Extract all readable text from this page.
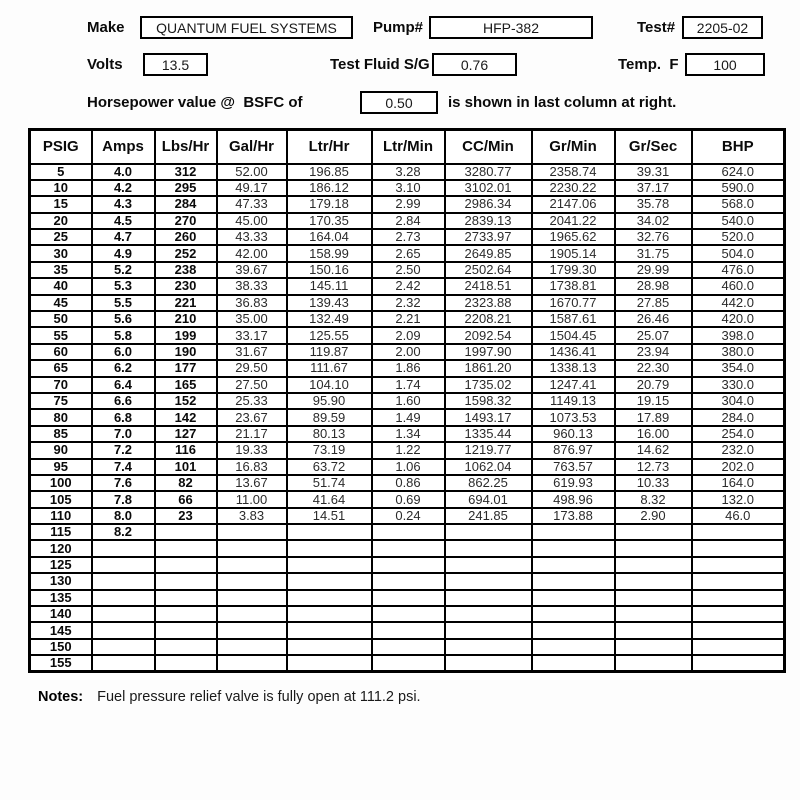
Make	QUANTUM FUEL SYSTEMS	Pump#	HFP-382	Test#	2205-02
Volts	13.5	Test Fluid S/G	0.76	Temp.  F	100
Horsepower value @  BSFC of	0.50	is shown in last column at right.
PSIG	Amps	Lbs/Hr	Gal/Hr	Ltr/Hr	Ltr/Min	CC/Min	Gr/Min	Gr/Sec	BHP
5	4.0	312	52.00	196.85	3.28	3280.77	2358.74	39.31	624.0
10	4.2	295	49.17	186.12	3.10	3102.01	2230.22	37.17	590.0
15	4.3	284	47.33	179.18	2.99	2986.34	2147.06	35.78	568.0
20	4.5	270	45.00	170.35	2.84	2839.13	2041.22	34.02	540.0
25	4.7	260	43.33	164.04	2.73	2733.97	1965.62	32.76	520.0
30	4.9	252	42.00	158.99	2.65	2649.85	1905.14	31.75	504.0
35	5.2	238	39.67	150.16	2.50	2502.64	1799.30	29.99	476.0
40	5.3	230	38.33	145.11	2.42	2418.51	1738.81	28.98	460.0
45	5.5	221	36.83	139.43	2.32	2323.88	1670.77	27.85	442.0
50	5.6	210	35.00	132.49	2.21	2208.21	1587.61	26.46	420.0
55	5.8	199	33.17	125.55	2.09	2092.54	1504.45	25.07	398.0
60	6.0	190	31.67	119.87	2.00	1997.90	1436.41	23.94	380.0
65	6.2	177	29.50	111.67	1.86	1861.20	1338.13	22.30	354.0
70	6.4	165	27.50	104.10	1.74	1735.02	1247.41	20.79	330.0
75	6.6	152	25.33	95.90	1.60	1598.32	1149.13	19.15	304.0
80	6.8	142	23.67	89.59	1.49	1493.17	1073.53	17.89	284.0
85	7.0	127	21.17	80.13	1.34	1335.44	960.13	16.00	254.0
90	7.2	116	19.33	73.19	1.22	1219.77	876.97	14.62	232.0
95	7.4	101	16.83	63.72	1.06	1062.04	763.57	12.73	202.0
100	7.6	82	13.67	51.74	0.86	862.25	619.93	10.33	164.0
105	7.8	66	11.00	41.64	0.69	694.01	498.96	8.32	132.0
110	8.0	23	3.83	14.51	0.24	241.85	173.88	2.90	46.0
115	8.2								
120									
125									
130									
135									
140									
145									
150									
155									
Notes: Fuel pressure relief valve is fully open at 111.2 psi.
